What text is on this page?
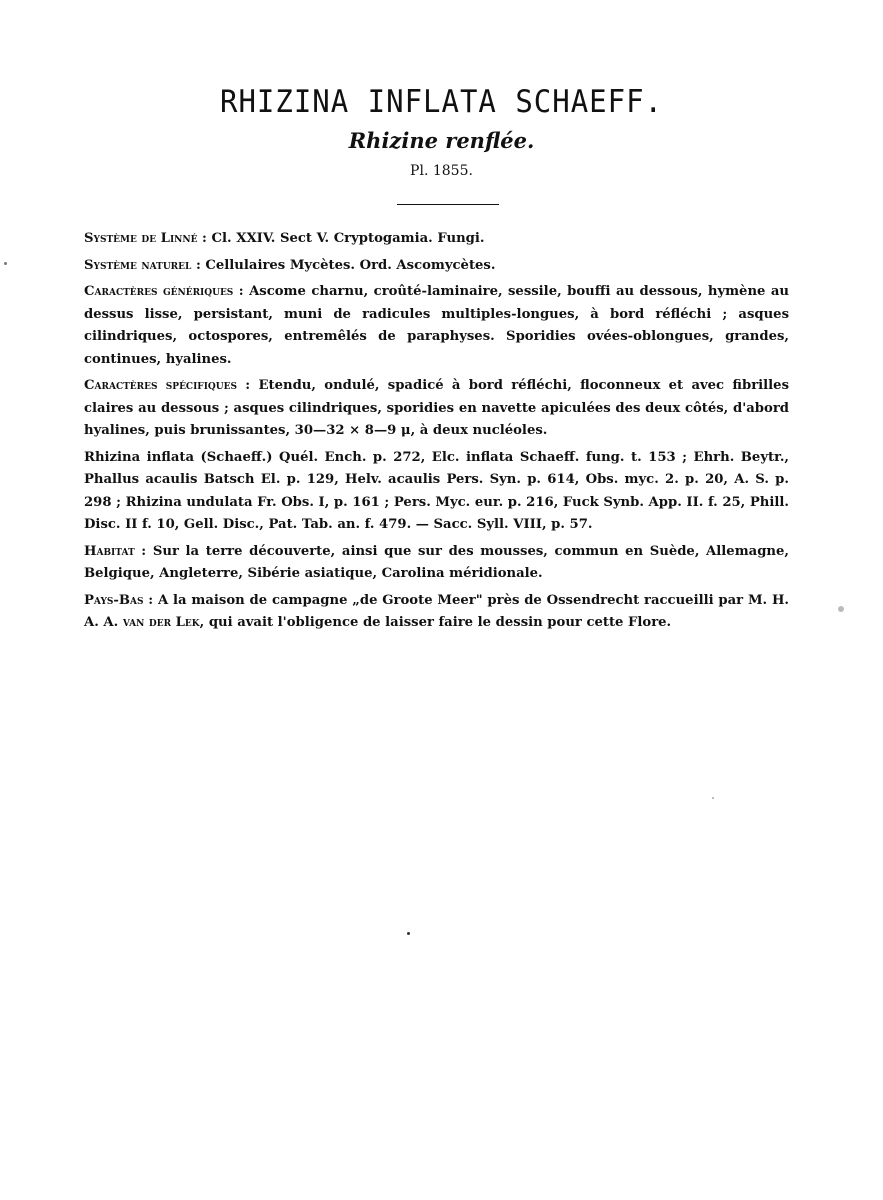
RHIZINA INFLATA SCHAEFF.
Rhizine renflée.
Pl. 1855.

Système de Linné : Cl. XXIV. Sect V. Cryptogamia. Fungi.

Système naturel : Cellulaires Mycètes. Ord. Ascomycètes.

Caractères génériques : Ascome charnu, croûté-laminaire, sessile, bouffi au dessous, hymène au dessus lisse, persistant, muni de radicules multiples-longues, à bord réfléchi ; asques cilindriques, octospores, entremêlés de paraphyses. Sporidies ovées-oblongues, grandes, continues, hyalines.

Caractères spécifiques : Etendu, ondulé, spadicé à bord réfléchi, floconneux et avec fibrilles claires au dessous ; asques cilindriques, sporidies en navette apiculées des deux côtés, d'abord hyalines, puis brunissantes, 30—32 × 8—9 μ, à deux nucléoles.

Rhizina inflata (Schaeff.) Quél. Ench. p. 272, Elc. inflata Schaeff. fung. t. 153 ; Ehrh. Beytr., Phallus acaulis Batsch El. p. 129, Helv. acaulis Pers. Syn. p. 614, Obs. myc. 2. p. 20, A. S. p. 298 ; Rhizina undulata Fr. Obs. I, p. 161 ; Pers. Myc. eur. p. 216, Fuck Synb. App. II. f. 25, Phill. Disc. II f. 10, Gell. Disc., Pat. Tab. an. f. 479. — Sacc. Syll. VIII, p. 57.

Habitat : Sur la terre découverte, ainsi que sur des mousses, commun en Suède, Allemagne, Belgique, Angleterre, Sibérie asiatique, Carolina méridionale.

Pays-Bas : A la maison de campagne „de Groote Meer" près de Ossendrecht raccueilli par M. H. A. A. van der Lek, qui avait l'obligence de laisser faire le dessin pour cette Flore.
